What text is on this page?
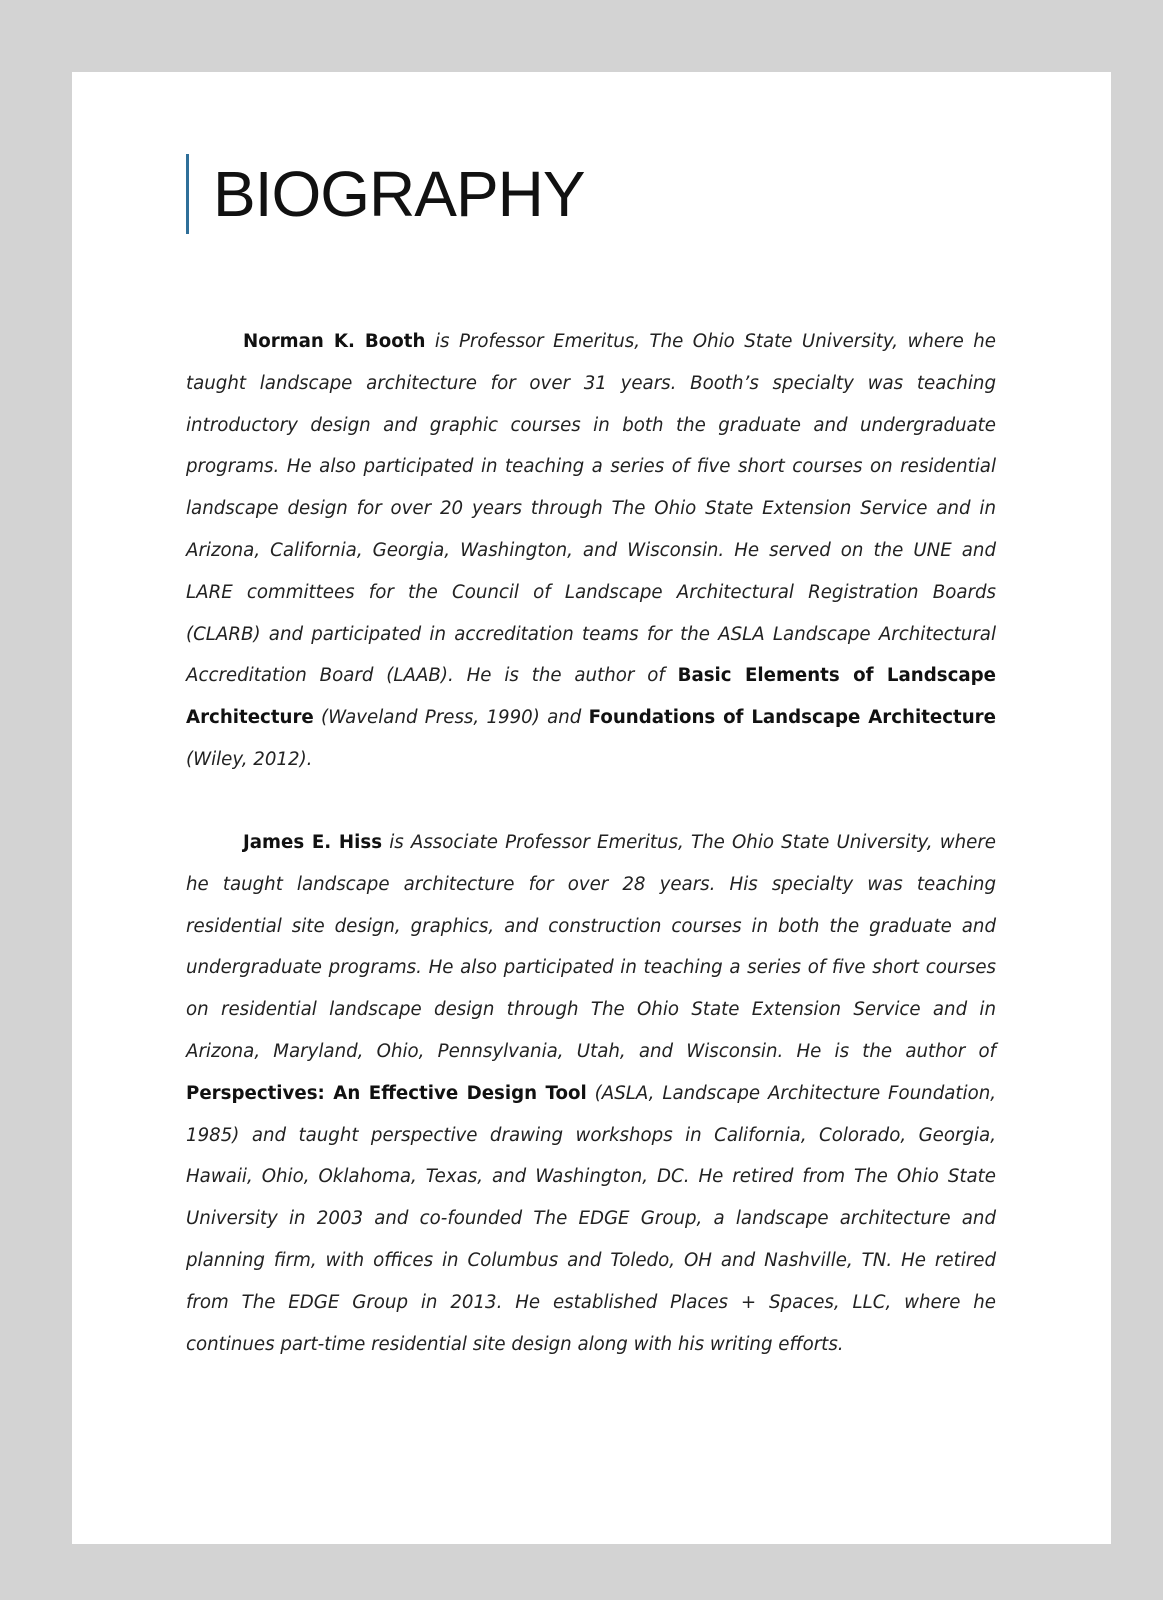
BIOGRAPHY

Norman K. Booth is Professor Emeritus, The Ohio State University, where he taught landscape architecture for over 31 years. Booth’s specialty was teaching introductory design and graphic courses in both the graduate and undergraduate programs. He also participated in teaching a series of five short courses on residential landscape design for over 20 years through The Ohio State Extension Service and in Arizona, California, Georgia, Washington, and Wisconsin. He served on the UNE and LARE committees for the Council of Landscape Architectural Registration Boards (CLARB) and participated in accreditation teams for the ASLA Landscape Architectural Accreditation Board (LAAB). He is the author of Basic Elements of Landscape Architecture (Waveland Press, 1990) and Foundations of Landscape Architecture (Wiley, 2012).

James E. Hiss is Associate Professor Emeritus, The Ohio State University, where he taught landscape architecture for over 28 years. His specialty was teaching residential site design, graphics, and construction courses in both the graduate and undergraduate programs. He also participated in teaching a series of five short courses on residential landscape design through The Ohio State Extension Service and in Arizona, Maryland, Ohio, Pennsylvania, Utah, and Wisconsin. He is the author of Perspectives: An Effective Design Tool (ASLA, Landscape Architecture Foundation, 1985) and taught perspective drawing workshops in California, Colorado, Georgia, Hawaii, Ohio, Oklahoma, Texas, and Washington, DC. He retired from The Ohio State University in 2003 and co-founded The EDGE Group, a landscape architecture and planning firm, with offices in Columbus and Toledo, OH and Nashville, TN. He retired from The EDGE Group in 2013. He established Places + Spaces, LLC, where he continues part-time residential site design along with his writing efforts.
